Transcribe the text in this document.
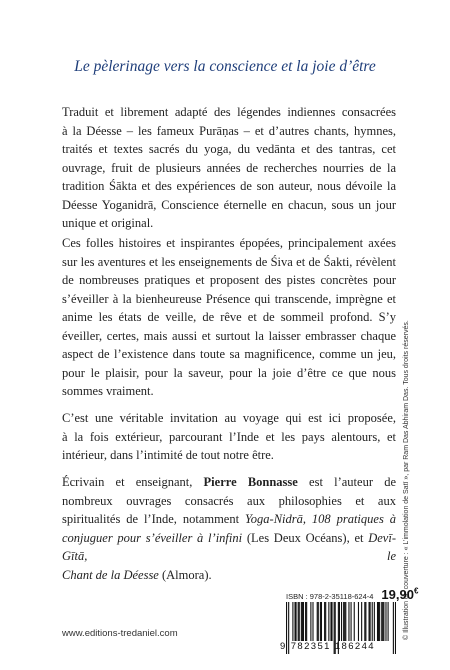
Le pèlerinage vers la conscience et la joie d’être
Traduit et librement adapté des légendes indiennes consacrées
à la Déesse – les fameux Purāṇas – et d’autres chants, hymnes,
traités et textes sacrés du yoga, du vedānta et des tantras, cet
ouvrage, fruit de plusieurs années de recherches nourries de la
tradition Śākta et des expériences de son auteur, nous dévoile la
Déesse Yoganidrā, Conscience éternelle en chacun, sous un jour
unique et original.
Ces folles histoires et inspirantes épopées, principalement axées
sur les aventures et les enseignements de Śiva et de Śakti, révèlent
de nombreuses pratiques et proposent des pistes concrètes pour
s’éveiller à la bienheureuse Présence qui transcende, imprègne et
anime les états de veille, de rêve et de sommeil profond. S’y
éveiller, certes, mais aussi et surtout la laisser embrasser chaque
aspect de l’existence dans toute sa magnificence, comme un jeu,
pour le plaisir, pour la saveur, pour la joie d’être ce que nous
sommes vraiment.
C’est une véritable invitation au voyage qui est ici proposée,
à la fois extérieur, parcourant l’Inde et les pays alentours, et
intérieur, dans l’intimité de tout notre être.
Écrivain et enseignant, Pierre Bonnasse est l’auteur de
nombreux ouvrages consacrés aux philosophies et aux
spiritualités de l’Inde, notamment Yoga-Nidrā, 108 pratiques à
conjuguer pour s’éveiller à l’infini (Les Deux Océans), et Devī-Gītā, le
Chant de la Déesse (Almora).	© Illustration de couverture : « L’immolation de Satī », par Ram Das Abhiram Das. Tous droits réservés.
ISBN : 978-2-35118-624-4 19,90€
9 782351 186244
www.editions-tredaniel.com
